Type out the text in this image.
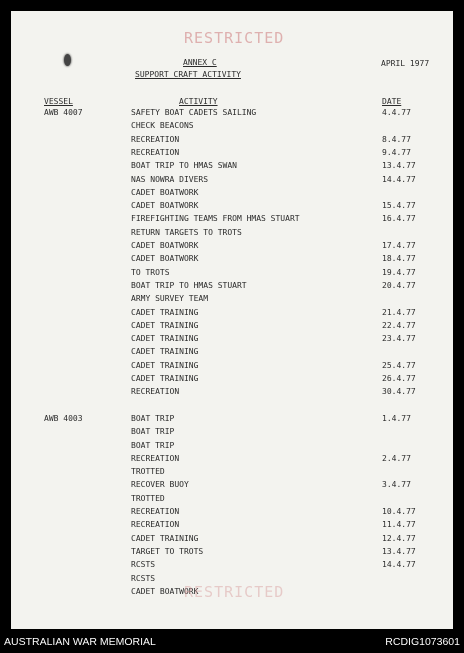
RESTRICTED
ANNEX C
SUPPORT CRAFT ACTIVITY
APRIL 1977
VESSEL	ACTIVITY	DATE
AWB 4007	SAFETY BOAT CADETS SAILING	4.4.77
CHECK BEACONS
RECREATION	8.4.77
RECREATION	9.4.77
BOAT TRIP TO HMAS SWAN	13.4.77
NAS NOWRA DIVERS	14.4.77
CADET BOATWORK
CADET BOATWORK	15.4.77
FIREFIGHTING TEAMS FROM HMAS STUART	16.4.77
RETURN TARGETS TO TROTS
CADET BOATWORK	17.4.77
CADET BOATWORK	18.4.77
TO TROTS	19.4.77
BOAT TRIP TO HMAS STUART	20.4.77
ARMY SURVEY TEAM
CADET TRAINING	21.4.77
CADET TRAINING	22.4.77
CADET TRAINING	23.4.77
CADET TRAINING
CADET TRAINING	25.4.77
CADET TRAINING	26.4.77
RECREATION	30.4.77
AWB 4003	BOAT TRIP	1.4.77
BOAT TRIP
BOAT TRIP
RECREATION	2.4.77
TROTTED
RECOVER BUOY	3.4.77
TROTTED
RECREATION	10.4.77
RECREATION	11.4.77
CADET TRAINING	12.4.77
TARGET TO TROTS	13.4.77
RCSTS	14.4.77
RCSTS
CADET BOATWORK
RESTRICTED
AUSTRALIAN WAR MEMORIAL	RCDIG1073601
